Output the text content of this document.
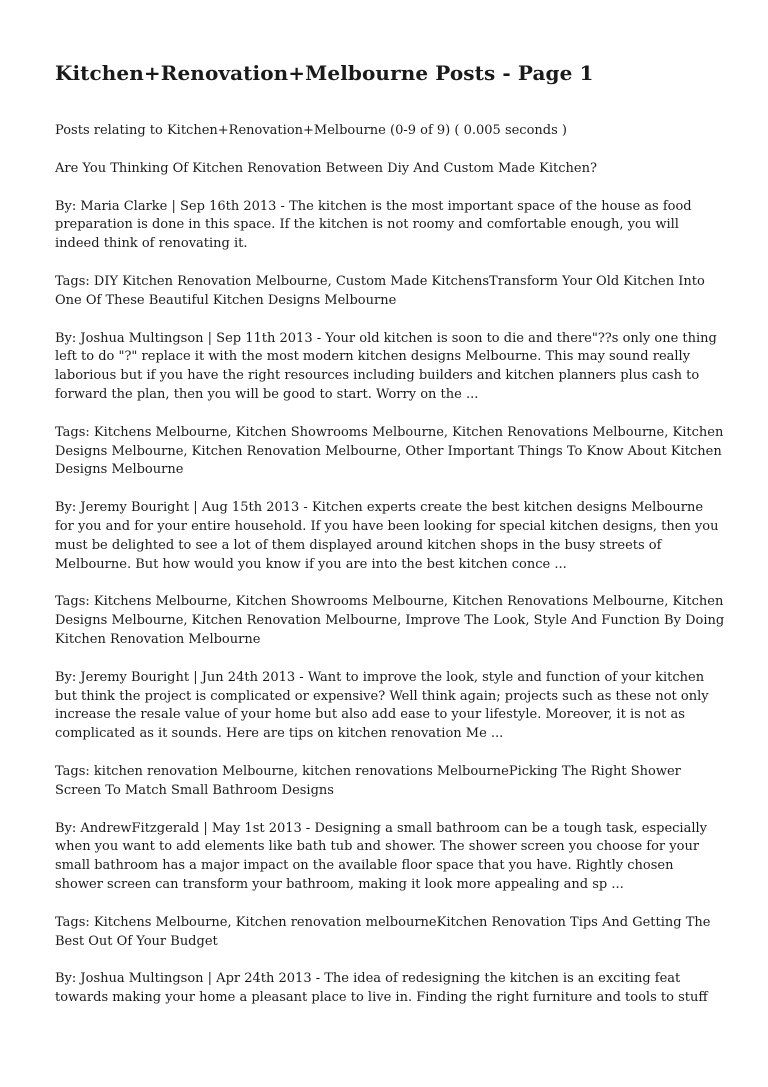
Kitchen+Renovation+Melbourne Posts - Page 1
Posts relating to Kitchen+Renovation+Melbourne (0-9 of 9) ( 0.005 seconds )
Are You Thinking Of Kitchen Renovation Between Diy And Custom Made Kitchen?
By: Maria Clarke | Sep 16th 2013 - The kitchen is the most important space of the house as food
preparation is done in this space. If the kitchen is not roomy and comfortable enough, you will
indeed think of renovating it.
Tags: DIY Kitchen Renovation Melbourne, Custom Made KitchensTransform Your Old Kitchen Into
One Of These Beautiful Kitchen Designs Melbourne
By: Joshua Multingson | Sep 11th 2013 - Your old kitchen is soon to die and there"??s only one thing
left to do "?" replace it with the most modern kitchen designs Melbourne. This may sound really
laborious but if you have the right resources including builders and kitchen planners plus cash to
forward the plan, then you will be good to start. Worry on the ...
Tags: Kitchens Melbourne, Kitchen Showrooms Melbourne, Kitchen Renovations Melbourne, Kitchen
Designs Melbourne, Kitchen Renovation Melbourne, Other Important Things To Know About Kitchen
Designs Melbourne
By: Jeremy Bouright | Aug 15th 2013 - Kitchen experts create the best kitchen designs Melbourne
for you and for your entire household. If you have been looking for special kitchen designs, then you
must be delighted to see a lot of them displayed around kitchen shops in the busy streets of
Melbourne. But how would you know if you are into the best kitchen conce ...
Tags: Kitchens Melbourne, Kitchen Showrooms Melbourne, Kitchen Renovations Melbourne, Kitchen
Designs Melbourne, Kitchen Renovation Melbourne, Improve The Look, Style And Function By Doing
Kitchen Renovation Melbourne
By: Jeremy Bouright | Jun 24th 2013 - Want to improve the look, style and function of your kitchen
but think the project is complicated or expensive? Well think again; projects such as these not only
increase the resale value of your home but also add ease to your lifestyle. Moreover, it is not as
complicated as it sounds. Here are tips on kitchen renovation Me ...
Tags: kitchen renovation Melbourne, kitchen renovations MelbournePicking The Right Shower
Screen To Match Small Bathroom Designs
By: AndrewFitzgerald | May 1st 2013 - Designing a small bathroom can be a tough task, especially
when you want to add elements like bath tub and shower. The shower screen you choose for your
small bathroom has a major impact on the available floor space that you have. Rightly chosen
shower screen can transform your bathroom, making it look more appealing and sp ...
Tags: Kitchens Melbourne, Kitchen renovation melbourneKitchen Renovation Tips And Getting The
Best Out Of Your Budget
By: Joshua Multingson | Apr 24th 2013 - The idea of redesigning the kitchen is an exciting feat
towards making your home a pleasant place to live in. Finding the right furniture and tools to stuff
